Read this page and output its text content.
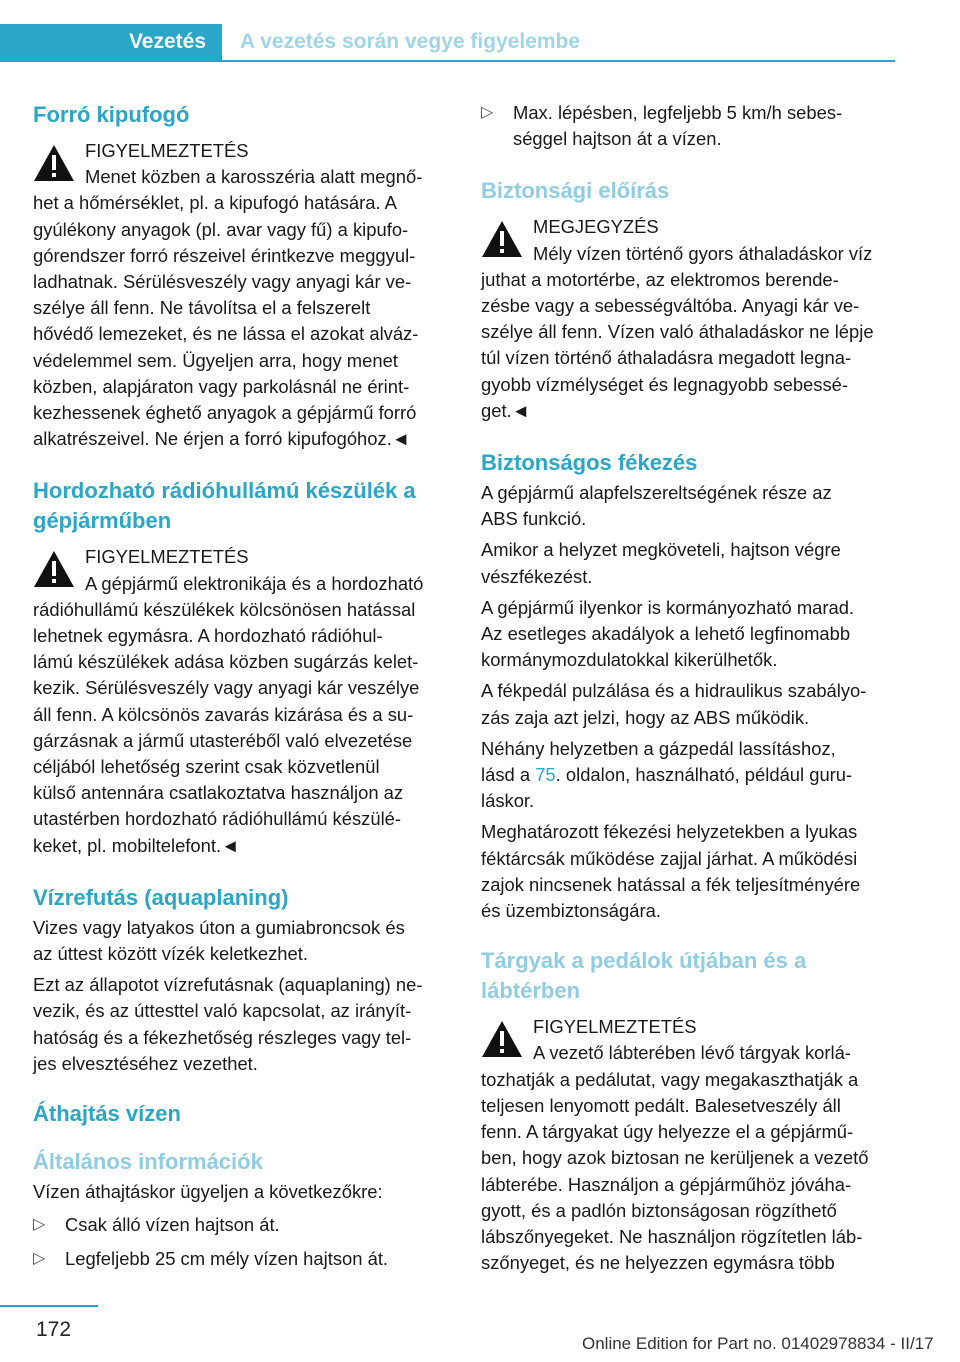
Vezetés	A vezetés során vegye figyelembe
Forró kipufogó

FIGYELMEZTETÉS

Menet közben a karosszéria alatt megnő-

het a hőmérséklet, pl. a kipufogó hatására. A

gyúlékony anyagok (pl. avar vagy fű) a kipufo-

górendszer forró részeivel érintkezve meggyul-

ladhatnak. Sérülésveszély vagy anyagi kár ve-

szélye áll fenn. Ne távolítsa el a felszerelt

hővédő lemezeket, és ne lássa el azokat alváz-

védelemmel sem. Ügyeljen arra, hogy menet

közben, alapjáraton vagy parkolásnál ne érint-

kezhessenek éghető anyagok a gépjármű forró

alkatrészeivel. Ne érjen a forró kipufogóhoz.◄

Hordozható rádióhullámú készülék a gépjárműben

FIGYELMEZTETÉS

A gépjármű elektronikája és a hordozható

rádióhullámú készülékek kölcsönösen hatással

lehetnek egymásra. A hordozható rádióhul-

lámú készülékek adása közben sugárzás kelet-

kezik. Sérülésveszély vagy anyagi kár veszélye

áll fenn. A kölcsönös zavarás kizárása és a su-

gárzásnak a jármű utasteréből való elvezetése

céljából lehetőség szerint csak közvetlenül

külső antennára csatlakoztatva használjon az

utastérben hordozható rádióhullámú készülé-

keket, pl. mobiltelefont.◄

Vízrefutás (aquaplaning)

Vizes vagy latyakos úton a gumiabroncsok és

az úttest között vízék keletkezhet.

Ezt az állapotot vízrefutásnak (aquaplaning) ne-

vezik, és az úttesttel való kapcsolat, az irányít-

hatóság és a fékezhetőség részleges vagy tel-

jes elvesztéséhez vezethet.

Áthajtás vízen
Általános információk

Vízen áthajtáskor ügyeljen a következőkre:

▷ Csak álló vízen hajtson át.
▷ Legfeljebb 25 cm mély vízen hajtson át.
▷ Max. lépésben, legfeljebb 5 km/h sebes-
séggel hajtson át a vízen.
Biztonsági előírás

MEGJEGYZÉS

Mély vízen történő gyors áthaladáskor víz

juthat a motortérbe, az elektromos berende-

zésbe vagy a sebességváltóba. Anyagi kár ve-

szélye áll fenn. Vízen való áthaladáskor ne lépje

túl vízen történő áthaladásra megadott legna-

gyobb vízmélységet és legnagyobb sebessé-

get.◄

Biztonságos fékezés

A gépjármű alapfelszereltségének része az

ABS funkció.

Amikor a helyzet megköveteli, hajtson végre

vészfékezést.

A gépjármű ilyenkor is kormányozható marad.

Az esetleges akadályok a lehető legfinomabb

kormánymozdulatokkal kikerülhetők.

A fékpedál pulzálása és a hidraulikus szabályo-

zás zaja azt jelzi, hogy az ABS működik.

Néhány helyzetben a gázpedál lassításhoz,

lásd a 75. oldalon, használható, például guru-

láskor.

Meghatározott fékezési helyzetekben a lyukas

féktárcsák működése zajjal járhat. A működési

zajok nincsenek hatással a fék teljesítményére

és üzembiztonságára.

Tárgyak a pedálok útjában és a lábtérben

FIGYELMEZTETÉS

A vezető lábterében lévő tárgyak korlá-

tozhatják a pedálutat, vagy megakaszthatják a

teljesen lenyomott pedált. Balesetveszély áll

fenn. A tárgyakat úgy helyezze el a gépjármű-

ben, hogy azok biztosan ne kerüljenek a vezető

lábterébe. Használjon a gépjárműhöz jóváha-

gyott, és a padlón biztonságosan rögzíthető

lábszőnyegeket. Ne használjon rögzítetlen láb-

szőnyeget, és ne helyezzen egymásra több

172
Online Edition for Part no. 01402978834 - II/17
